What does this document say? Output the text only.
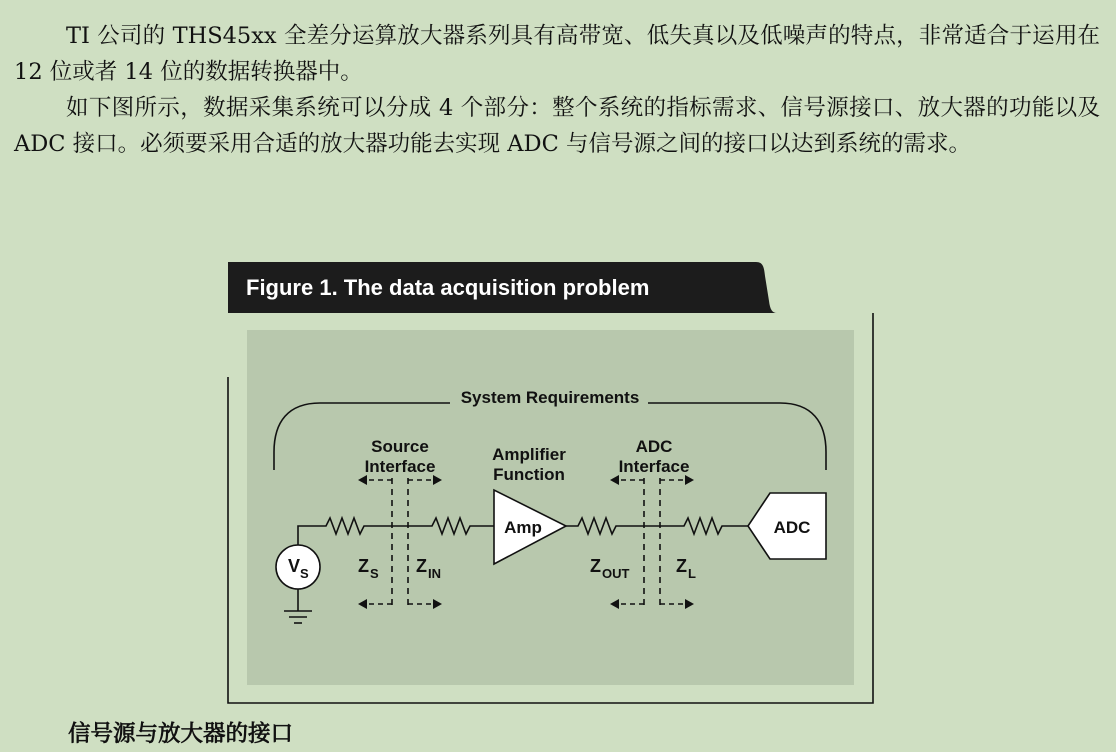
TI 公司的 THS45xx 全差分运算放大器系列具有高带宽、低失真以及低噪声的特点，非常适合于运用在 12 位或者 14 位的数据转换器中。

如下图所示，数据采集系统可以分成 4 个部分：整个系统的指标需求、信号源接口、放大器的功能以及 ADC 接口。必须要采用合适的放大器功能去实现 ADC 与信号源之间的接口以达到系统的需求。

Figure 1. The data acquisition problem
System Requirements
Source
Interface
Amplifier
Function
ADC
Interface
Amp	ADC
V S	Z S Z IN	Z OUT	Z L
信号源与放大器的接口
